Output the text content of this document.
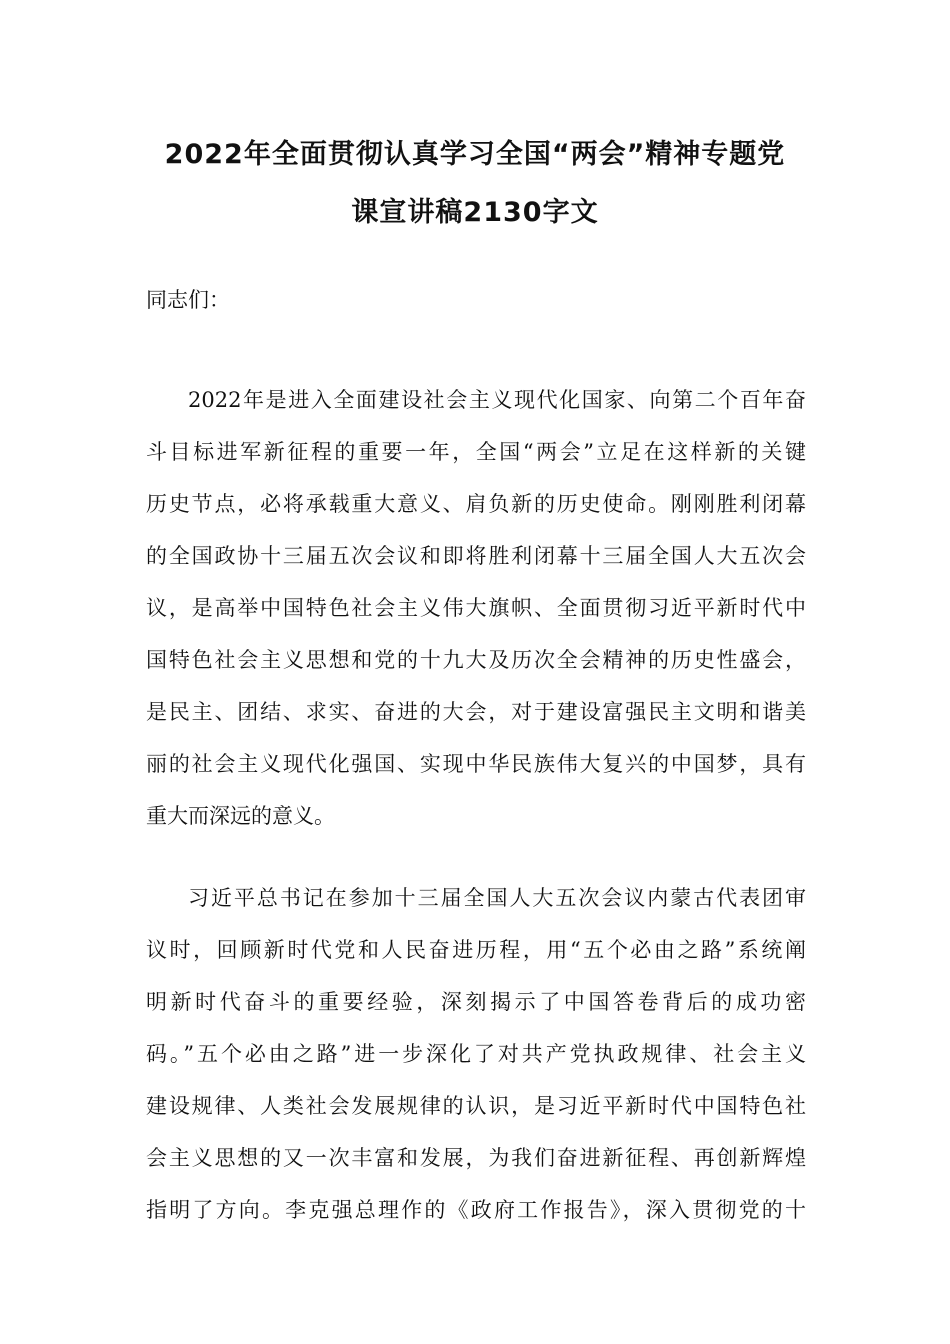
2022年全面贯彻认真学习全国“两会”精神专题党
课宣讲稿2130字文
同志们：
2022年是进入全面建设社会主义现代化国家、向第二个百年奋
斗目标进军新征程的重要一年，全国“两会”立足在这样新的关键
历史节点，必将承载重大意义、肩负新的历史使命。刚刚胜利闭幕
的全国政协十三届五次会议和即将胜利闭幕十三届全国人大五次会
议，是高举中国特色社会主义伟大旗帜、全面贯彻习近平新时代中
国特色社会主义思想和党的十九大及历次全会精神的历史性盛会，
是民主、团结、求实、奋进的大会，对于建设富强民主文明和谐美
丽的社会主义现代化强国、实现中华民族伟大复兴的中国梦，具有
重大而深远的意义。
习近平总书记在参加十三届全国人大五次会议内蒙古代表团审
议时，回顾新时代党和人民奋进历程，用“五个必由之路”系统阐
明新时代奋斗的重要经验，深刻揭示了中国答卷背后的成功密
码。”五个必由之路”进一步深化了对共产党执政规律、社会主义
建设规律、人类社会发展规律的认识，是习近平新时代中国特色社
会主义思想的又一次丰富和发展，为我们奋进新征程、再创新辉煌
指明了方向。李克强总理作的《政府工作报告》，深入贯彻党的十
